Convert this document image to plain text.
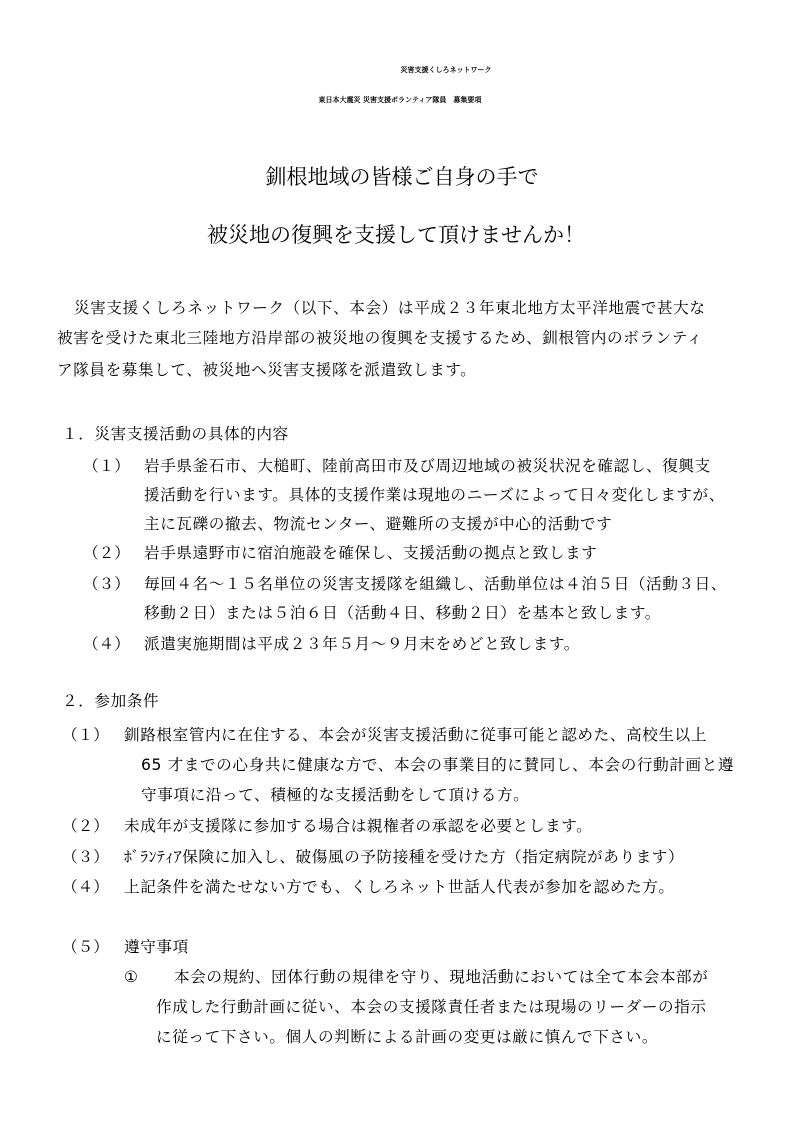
災害支援くしろネットワーク
東日本大震災 災害支援ボランティア隊員　募集要項
釧根地域の皆様ご自身の手で
被災地の復興を支援して頂けませんか！
災害支援くしろネットワーク（以下、本会）は平成２３年東北地方太平洋地震で甚大な
被害を受けた東北三陸地方沿岸部の被災地の復興を支援するため、釧根管内のボランティ
ア隊員を募集して、被災地へ災害支援隊を派遣致します。
１．災害支援活動の具体的内容
（１） 岩手県釜石市、大槌町、陸前高田市及び周辺地域の被災状況を確認し、復興支
援活動を行います。具体的支援作業は現地のニーズによって日々変化しますが、
主に瓦礫の撤去、物流センター、避難所の支援が中心的活動です
（２） 岩手県遠野市に宿泊施設を確保し、支援活動の拠点と致します
（３） 毎回４名～１５名単位の災害支援隊を組織し、活動単位は４泊５日（活動３日、
移動２日）または５泊６日（活動４日、移動２日）を基本と致します。
（４） 派遣実施期間は平成２３年５月～９月末をめどと致します。
２．参加条件
（１） 釧路根室管内に在住する、本会が災害支援活動に従事可能と認めた、高校生以上
65 才までの心身共に健康な方で、本会の事業目的に賛同し、本会の行動計画と遵
守事項に沿って、積極的な支援活動をして頂ける方。
（２） 未成年が支援隊に参加する場合は親権者の承認を必要とします。
（３） ﾎﾞﾗﾝﾃｨｱ保険に加入し、破傷風の予防接種を受けた方（指定病院があります）
（４） 上記条件を満たせない方でも、くしろネット世話人代表が参加を認めた方。
（５） 遵守事項
① 本会の規約、団体行動の規律を守り、現地活動においては全て本会本部が
作成した行動計画に従い、本会の支援隊責任者または現場のリーダーの指示
に従って下さい。個人の判断による計画の変更は厳に慎んで下さい。
